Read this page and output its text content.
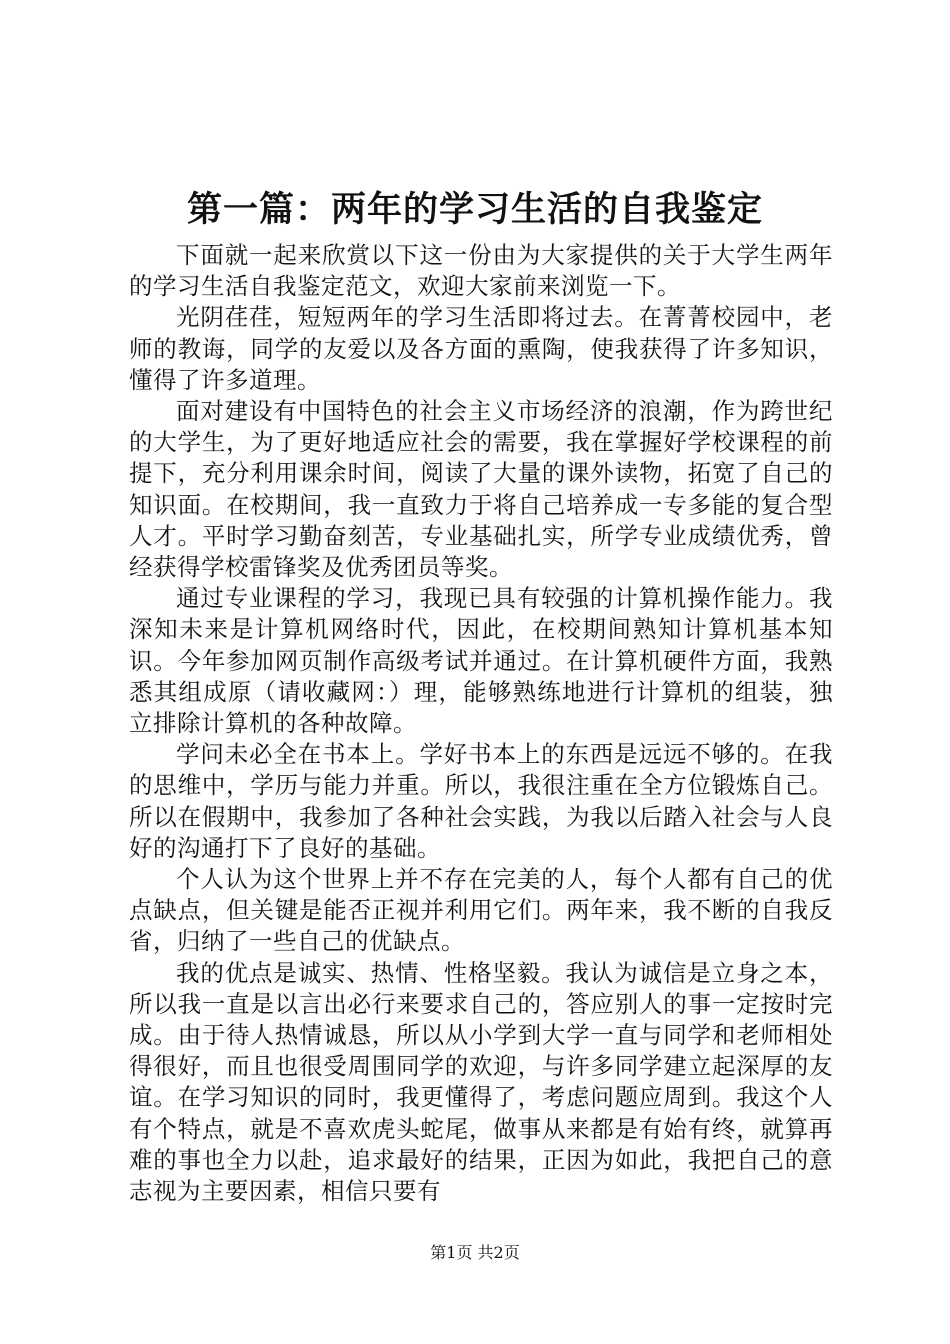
第一篇：两年的学习生活的自我鉴定

下面就一起来欣赏以下这一份由为大家提供的关于大学生两年的学习生活自我鉴定范文，欢迎大家前来浏览一下。

光阴荏荏，短短两年的学习生活即将过去。在菁菁校园中，老师的教诲，同学的友爱以及各方面的熏陶，使我获得了许多知识，懂得了许多道理。

面对建设有中国特色的社会主义市场经济的浪潮，作为跨世纪的大学生，为了更好地适应社会的需要，我在掌握好学校课程的前提下，充分利用课余时间，阅读了大量的课外读物，拓宽了自己的知识面。在校期间，我一直致力于将自己培养成一专多能的复合型人才。平时学习勤奋刻苦，专业基础扎实，所学专业成绩优秀，曾经获得学校雷锋奖及优秀团员等奖。

通过专业课程的学习，我现已具有较强的计算机操作能力。我深知未来是计算机网络时代，因此，在校期间熟知计算机基本知识。今年参加网页制作高级考试并通过。在计算机硬件方面，我熟悉其组成原（请收藏网：）理，能够熟练地进行计算机的组装，独立排除计算机的各种故障。

学问未必全在书本上。学好书本上的东西是远远不够的。在我的思维中，学历与能力并重。所以，我很注重在全方位锻炼自己。所以在假期中，我参加了各种社会实践，为我以后踏入社会与人良好的沟通打下了良好的基础。

个人认为这个世界上并不存在完美的人，每个人都有自己的优点缺点，但关键是能否正视并利用它们。两年来，我不断的自我反省，归纳了一些自己的优缺点。

我的优点是诚实、热情、性格坚毅。我认为诚信是立身之本，所以我一直是以言出必行来要求自己的，答应别人的事一定按时完成。由于待人热情诚恳，所以从小学到大学一直与同学和老师相处得很好，而且也很受周围同学的欢迎，与许多同学建立起深厚的友谊。在学习知识的同时，我更懂得了，考虑问题应周到。我这个人有个特点，就是不喜欢虎头蛇尾，做事从来都是有始有终，就算再难的事也全力以赴，追求最好的结果，正因为如此，我把自己的意志视为主要因素，相信只要有

第1页 共2页
